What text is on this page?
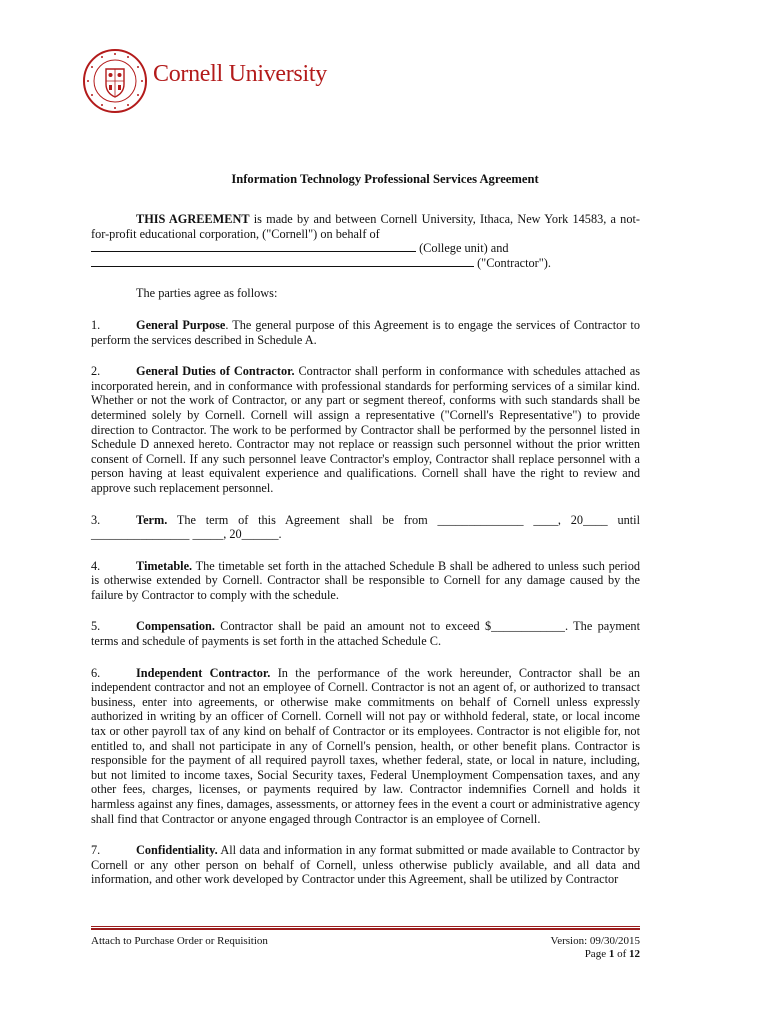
Cornell University
Information Technology Professional Services Agreement

THIS AGREEMENT is made by and between Cornell University, Ithaca, New York 14583, a not-for-profit educational corporation, ("Cornell") on behalf of

(College unit) and

("Contractor").

The parties agree as follows:

1.	General Purpose. The general purpose of this Agreement is to engage the services of Contractor to perform the services described in Schedule A.

2.	General Duties of Contractor. Contractor shall perform in conformance with schedules attached as incorporated herein, and in conformance with professional standards for performing services of a similar kind. Whether or not the work of Contractor, or any part or segment thereof, conforms with such standards shall be determined solely by Cornell. Cornell will assign a representative ("Cornell's Representative") to provide direction to Contractor. The work to be performed by Contractor shall be performed by the personnel listed in Schedule D annexed hereto. Contractor may not replace or reassign such personnel without the prior written consent of Cornell. If any such personnel leave Contractor's employ, Contractor shall replace personnel with a person having at least equivalent experience and qualifications. Cornell shall have the right to review and approve such replacement personnel.

3.	Term. The term of this Agreement shall be from ______________ ____, 20____ until ________________ _____, 20______.

4.	Timetable. The timetable set forth in the attached Schedule B shall be adhered to unless such period is otherwise extended by Cornell. Contractor shall be responsible to Cornell for any damage caused by the failure by Contractor to comply with the schedule.

5.	Compensation. Contractor shall be paid an amount not to exceed $____________. The payment terms and schedule of payments is set forth in the attached Schedule C.

6.	Independent Contractor. In the performance of the work hereunder, Contractor shall be an independent contractor and not an employee of Cornell. Contractor is not an agent of, or authorized to transact business, enter into agreements, or otherwise make commitments on behalf of Cornell unless expressly authorized in writing by an officer of Cornell. Cornell will not pay or withhold federal, state, or local income tax or other payroll tax of any kind on behalf of Contractor or its employees. Contractor is not eligible for, not entitled to, and shall not participate in any of Cornell's pension, health, or other benefit plans. Contractor is responsible for the payment of all required payroll taxes, whether federal, state, or local in nature, including, but not limited to income taxes, Social Security taxes, Federal Unemployment Compensation taxes, and any other fees, charges, licenses, or payments required by law. Contractor indemnifies Cornell and holds it harmless against any fines, damages, assessments, or attorney fees in the event a court or administrative agency shall find that Contractor or anyone engaged through Contractor is an employee of Cornell.

7.	Confidentiality. All data and information in any format submitted or made available to Contractor by Cornell or any other person on behalf of Cornell, unless otherwise publicly available, and all data and information, and other work developed by Contractor under this Agreement, shall be utilized by Contractor

Attach to Purchase Order or Requisition	Version: 09/30/2015
Page 1 of 12
